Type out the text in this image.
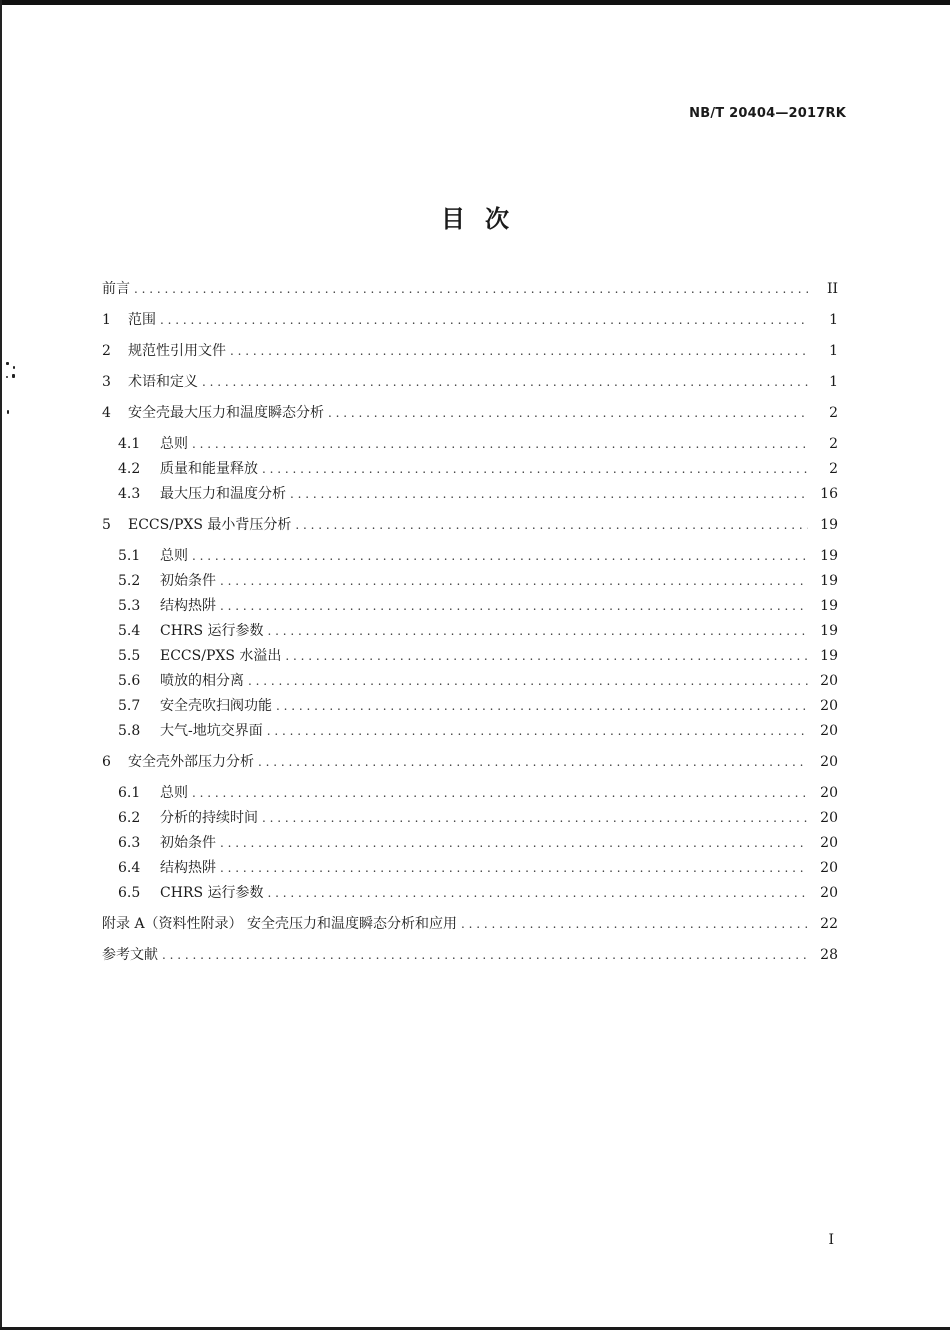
NB/T 20404—2017RK
目次
前言 . . .	II
1	范围 . . .	1
2	规范性引用文件 . . .	1
3	术语和定义 . . .	1
4	安全壳最大压力和温度瞬态分析 . . .	2
4.1	总则 . . .	2
4.2	质量和能量释放 . . .	2
4.3	最大压力和温度分析 . . .	16
5	ECCS/PXS 最小背压分析 . . .	19
5.1	总则 . . .	19
5.2	初始条件 . . .	19
5.3	结构热阱 . . .	19
5.4	CHRS 运行参数 . . .	19
5.5	ECCS/PXS 水溢出 . . .	19
5.6	喷放的相分离 . . .	20
5.7	安全壳吹扫阀功能 . . .	20
5.8	大气-地坑交界面 . . .	20
6	安全壳外部压力分析 . . .	20
6.1	总则 . . .	20
6.2	分析的持续时间 . . .	20
6.3	初始条件 . . .	20
6.4	结构热阱 . . .	20
6.5	CHRS 运行参数 . . .	20
附录 A（资料性附录） 安全壳压力和温度瞬态分析和应用 . . .	22
参考文献 . . .	28
I
